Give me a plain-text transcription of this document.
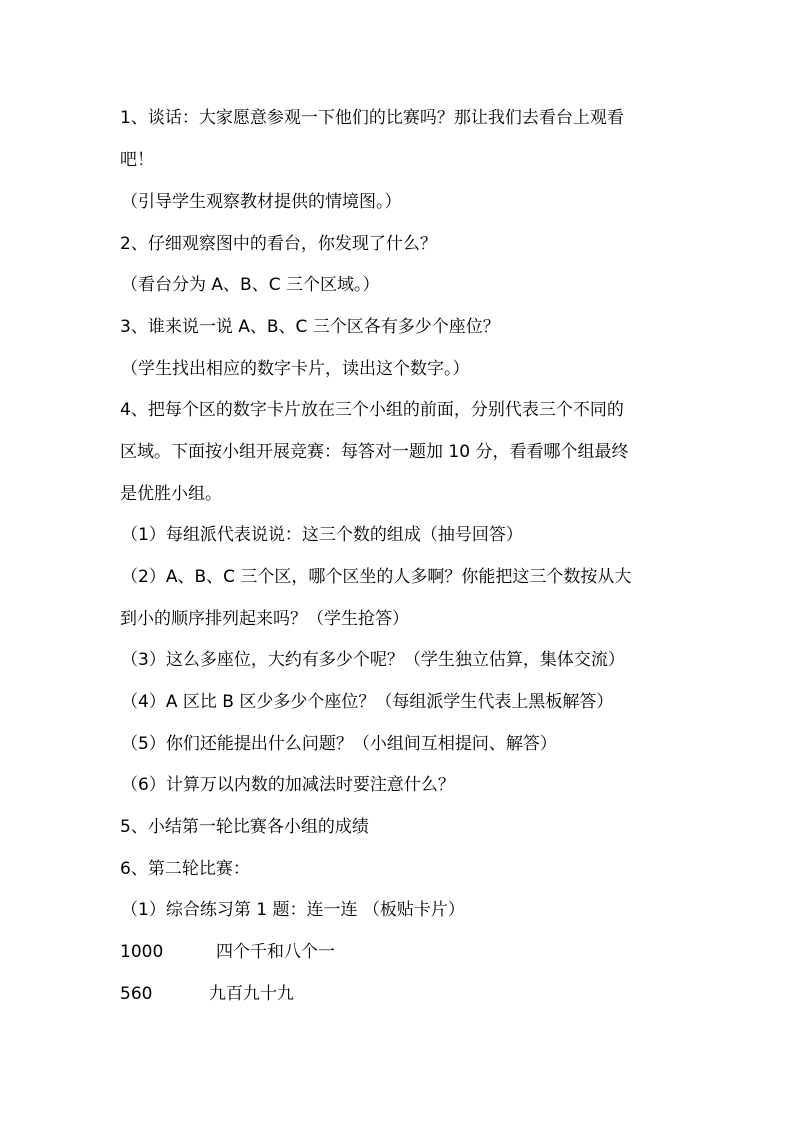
1、谈话：大家愿意参观一下他们的比赛吗？那让我们去看台上观看
吧！
（引导学生观察教材提供的情境图。）
2、仔细观察图中的看台，你发现了什么？
（看台分为 A、B、C 三个区域。）
3、谁来说一说 A、B、C 三个区各有多少个座位？
（学生找出相应的数字卡片，读出这个数字。）
4、把每个区的数字卡片放在三个小组的前面，分别代表三个不同的
区域。下面按小组开展竞赛：每答对一题加 10 分，看看哪个组最终
是优胜小组。
（1）每组派代表说说：这三个数的组成（抽号回答）
（2）A、B、C 三个区，哪个区坐的人多啊？你能把这三个数按从大
到小的顺序排列起来吗？（学生抢答）
（3）这么多座位，大约有多少个呢？（学生独立估算，集体交流）
（4）A 区比 B 区少多少个座位？（每组派学生代表上黑板解答）
（5）你们还能提出什么问题？（小组间互相提问、解答）
（6）计算万以内数的加减法时要注意什么？
5、小结第一轮比赛各小组的成绩
6、第二轮比赛：
（1）综合练习第 1 题：连一连 （板贴卡片）
1000	四个千和八个一
560	九百九十九
